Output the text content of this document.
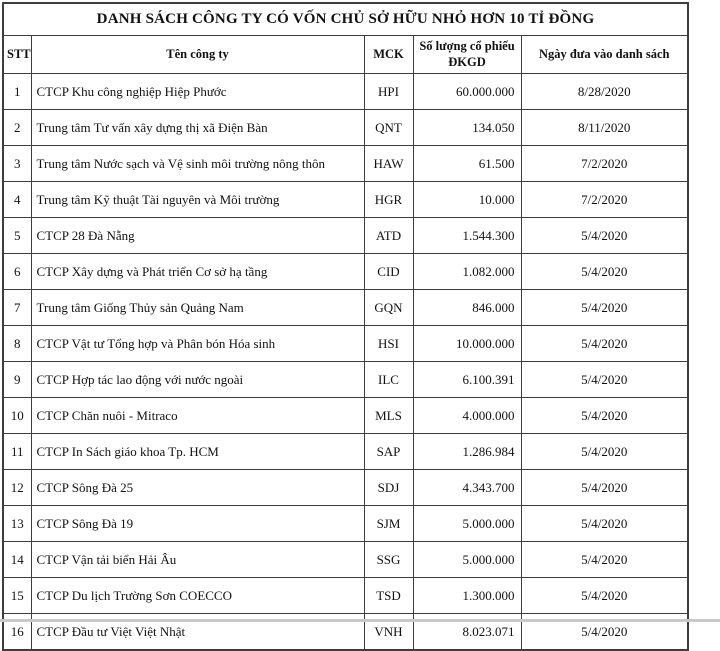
DANH SÁCH CÔNG TY CÓ VỐN CHỦ SỞ HỮU NHỎ HƠN 10 TỈ ĐỒNG				
STT	Tên công ty	MCK	Số lượng cổ phiếu ĐKGD	Ngày đưa vào danh sách
1	CTCP Khu công nghiệp Hiệp Phước	HPI	60.000.000	8/28/2020
2	Trung tâm Tư vấn xây dựng thị xã Điện Bàn	QNT	134.050	8/11/2020
3	Trung tâm Nước sạch và Vệ sinh môi trường nông thôn	HAW	61.500	7/2/2020
4	Trung tâm Kỹ thuật Tài nguyên và Môi trường	HGR	10.000	7/2/2020
5	CTCP 28 Đà Nẵng	ATD	1.544.300	5/4/2020
6	CTCP Xây dựng và Phát triển Cơ sở hạ tầng	CID	1.082.000	5/4/2020
7	Trung tâm Giống Thủy sản Quảng Nam	GQN	846.000	5/4/2020
8	CTCP Vật tư Tổng hợp và Phân bón Hóa sinh	HSI	10.000.000	5/4/2020
9	CTCP Hợp tác lao động với nước ngoài	ILC	6.100.391	5/4/2020
10	CTCP Chăn nuôi - Mitraco	MLS	4.000.000	5/4/2020
11	CTCP In Sách giáo khoa Tp. HCM	SAP	1.286.984	5/4/2020
12	CTCP Sông Đà 25	SDJ	4.343.700	5/4/2020
13	CTCP Sông Đà 19	SJM	5.000.000	5/4/2020
14	CTCP Vận tải biển Hải Âu	SSG	5.000.000	5/4/2020
15	CTCP Du lịch Trường Sơn COECCO	TSD	1.300.000	5/4/2020
16	CTCP Đầu tư Việt Việt Nhật	VNH	8.023.071	5/4/2020
